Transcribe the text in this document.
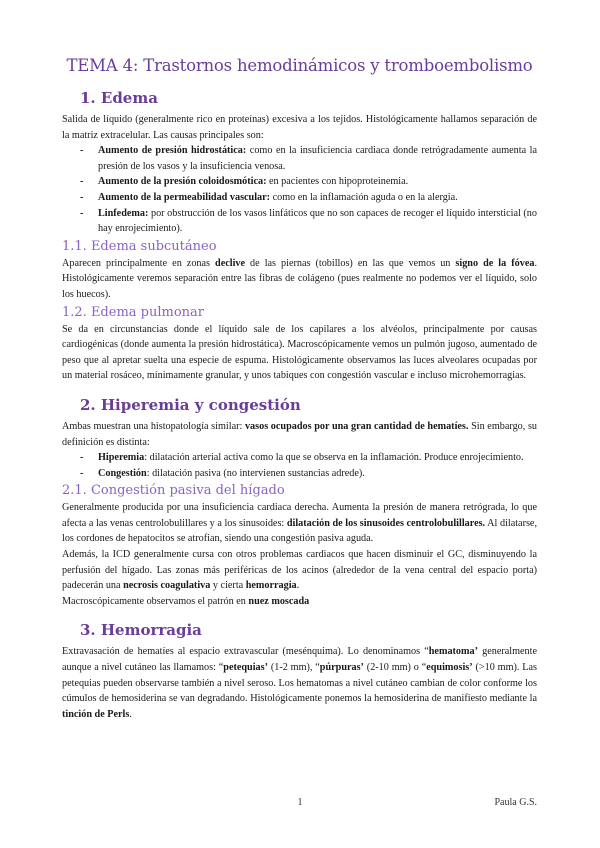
TEMA 4: Trastornos hemodinámicos y tromboembolismo
1. Edema

Salida de líquido (generalmente rico en proteínas) excesiva a los tejidos. Histológicamente hallamos separación de la matriz extracelular. Las causas principales son:

- Aumento de presión hidrostática: como en la insuficiencia cardiaca donde retrógradamente aumenta la presión de los vasos y la insuficiencia venosa.
- Aumento de la presión coloidosmótica: en pacientes con hipoproteinemia.
- Aumento de la permeabilidad vascular: como en la inflamación aguda o en la alergia.
- Linfedema: por obstrucción de los vasos linfáticos que no son capaces de recoger el líquido intersticial (no hay enrojecimiento).
1.1. Edema subcutáneo

Aparecen principalmente en zonas declive de las piernas (tobillos) en las que vemos un signo de la fóvea. Histológicamente veremos separación entre las fibras de colágeno (pues realmente no podemos ver el líquido, solo los huecos).

1.2. Edema pulmonar

Se da en circunstancias donde el líquido sale de los capilares a los alvéolos, principalmente por causas cardiogénicas (donde aumenta la presión hidrostática). Macroscópicamente vemos un pulmón jugoso, aumentado de peso que al apretar suelta una especie de espuma. Histológicamente observamos las luces alveolares ocupadas por un material rosáceo, mínimamente granular, y unos tabiques con congestión vascular e incluso microhemorragias.

2. Hiperemia y congestión

Ambas muestran una histopatología similar: vasos ocupados por una gran cantidad de hematíes. Sin embargo, su definición es distinta:

- Hiperemia: dilatación arterial activa como la que se observa en la inflamación. Produce enrojecimiento.
- Congestión: dilatación pasiva (no intervienen sustancias adrede).
2.1. Congestión pasiva del hígado

Generalmente producida por una insuficiencia cardiaca derecha. Aumenta la presión de manera retrógrada, lo que afecta a las venas centrolobulillares y a los sinusoides: dilatación de los sinusoides centrolobulillares. Al dilatarse, los cordones de hepatocitos se atrofian, siendo una congestión pasiva aguda.

Además, la ICD generalmente cursa con otros problemas cardiacos que hacen disminuir el GC, disminuyendo la perfusión del hígado. Las zonas más periféricas de los acinos (alrededor de la vena central del espacio porta) padecerán una necrosis coagulativa y cierta hemorragia.

Macroscópicamente observamos el patrón en nuez moscada

3. Hemorragia

Extravasación de hematíes al espacio extravascular (mesénquima). Lo denominamos “hematoma’ generalmente aunque a nivel cutáneo las llamamos: “petequias’ (1-2 mm), “púrpuras’ (2-10 mm) o “equimosis’ (>10 mm). Las petequias pueden observarse también a nivel seroso. Los hematomas a nivel cutáneo cambian de color conforme los cúmulos de hemosiderina se van degradando. Histológicamente ponemos la hemosiderina de manifiesto mediante la tinción de Perls.

1	Paula G.S.
